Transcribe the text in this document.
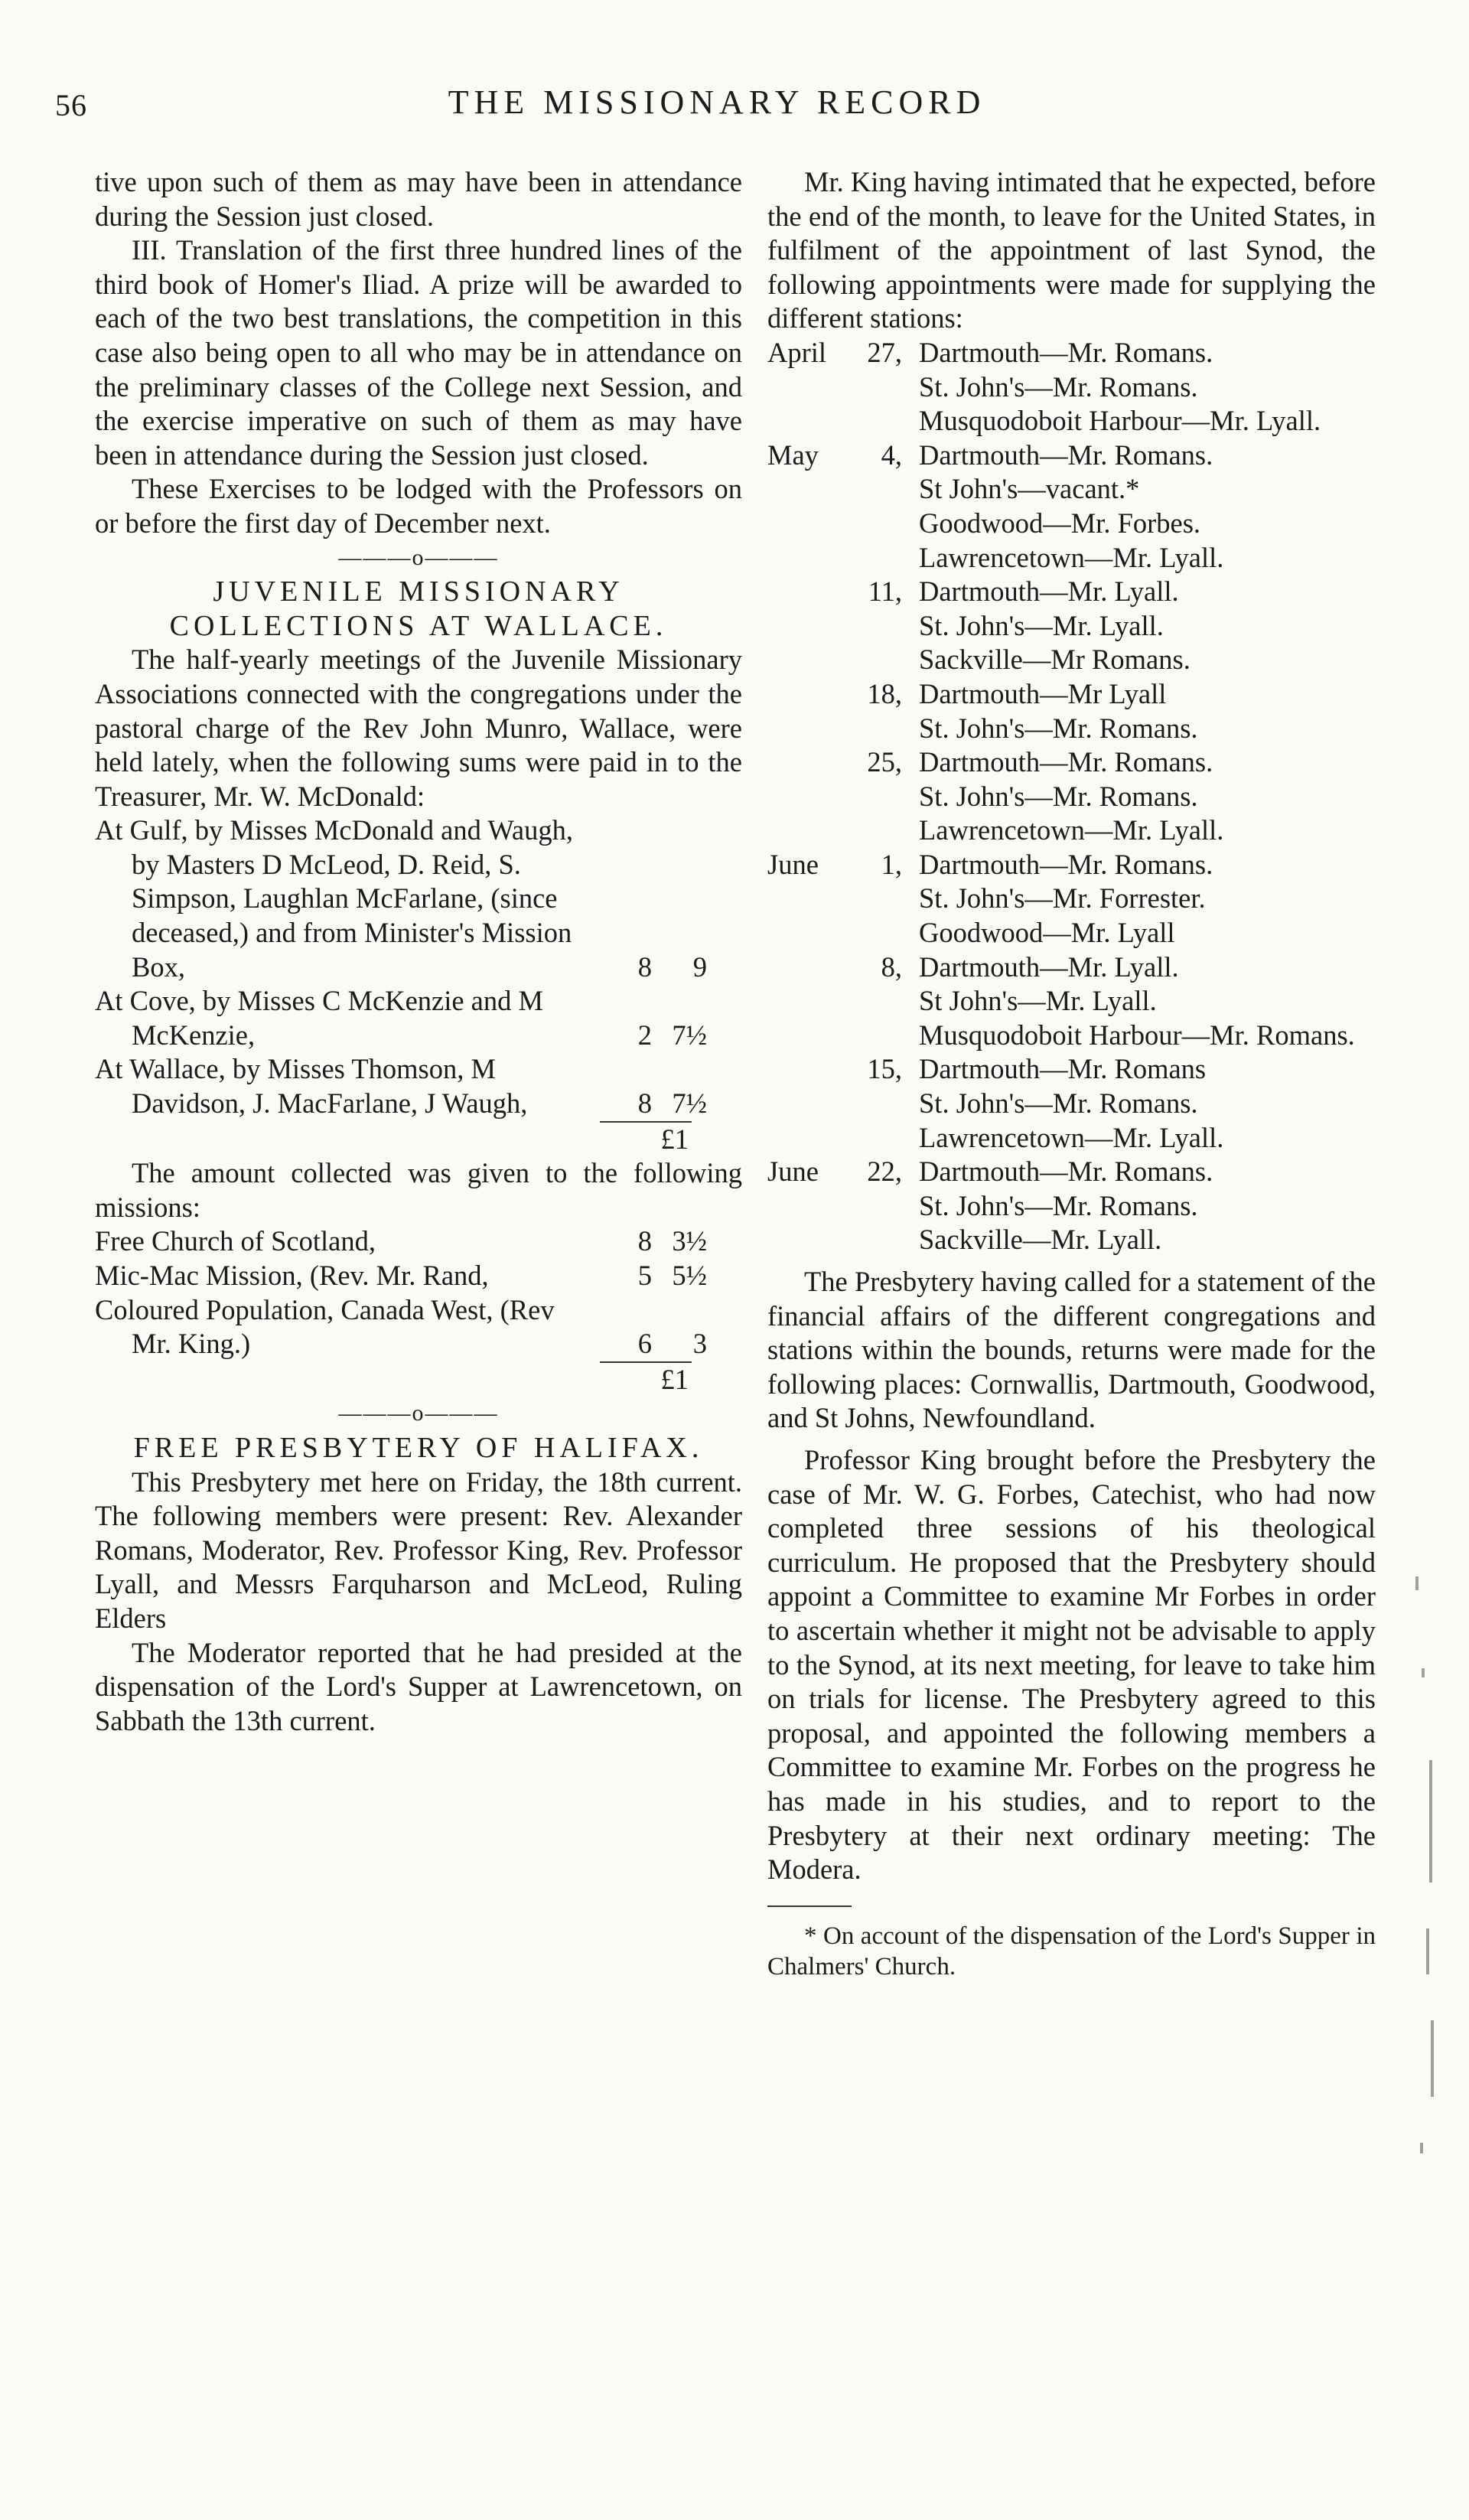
56	THE MISSIONARY RECORD

tive upon such of them as may have been in attendance during the Session just closed.

III. Translation of the first three hundred lines of the third book of Homer's Iliad. A prize will be awarded to each of the two best translations, the competition in this case also being open to all who may be in attendance on the preliminary classes of the College next Session, and the exercise imperative on such of them as may have been in attendance during the Session just closed.

These Exercises to be lodged with the Professors on or before the first day of December next.

———o———
JUVENILE MISSIONARY COLLECTIONS AT WALLACE.

The half-yearly meetings of the Juvenile Missionary Associations connected with the congregations under the pastoral charge of the Rev John Munro, Wallace, were held lately, when the following sums were paid in to the Treasurer, Mr. W. McDonald:

At Gulf, by Misses McDonald and Waugh, by Masters D McLeod, D. Reid, S. Simpson, Laughlan McFarlane, (since deceased,) and from Minister's Mission Box,	8	9
At Cove, by Misses C McKenzie and M McKenzie,	2 7½
At Wallace, by Misses Thomson, M Davidson, J. MacFarlane, J Waugh,	8 7½
£1

The amount collected was given to the following missions:

Free Church of Scotland,	8 3½
Mic-Mac Mission, (Rev. Mr. Rand,	5 5½
Coloured Population, Canada West, (Rev Mr. King.)	6	3
£1
———o———
FREE PRESBYTERY OF HALIFAX.

This Presbytery met here on Friday, the 18th current. The following members were present: Rev. Alexander Romans, Moderator, Rev. Professor King, Rev. Professor Lyall, and Messrs Farquharson and McLeod, Ruling Elders

The Moderator reported that he had presided at the dispensation of the Lord's Supper at Lawrencetown, on Sabbath the 13th current.

Mr. King having intimated that he expected, before the end of the month, to leave for the United States, in fulfilment of the appointment of last Synod, the following appointments were made for supplying the different stations:

April 27, Dartmouth—Mr. Romans.
St. John's—Mr. Romans.
Musquodoboit Harbour—Mr. Lyall.
May 4, Dartmouth—Mr. Romans.
St John's—vacant.*
Goodwood—Mr. Forbes.
Lawrencetown—Mr. Lyall.
11, Dartmouth—Mr. Lyall.
St. John's—Mr. Lyall.
Sackville—Mr Romans.
18, Dartmouth—Mr Lyall
St. John's—Mr. Romans.
25, Dartmouth—Mr. Romans.
St. John's—Mr. Romans.
Lawrencetown—Mr. Lyall.
June 1, Dartmouth—Mr. Romans.
St. John's—Mr. Forrester.
Goodwood—Mr. Lyall
8, Dartmouth—Mr. Lyall.
St John's—Mr. Lyall.
Musquodoboit Harbour—Mr. Romans.
15, Dartmouth—Mr. Romans
St. John's—Mr. Romans.
Lawrencetown—Mr. Lyall.
June 22, Dartmouth—Mr. Romans.
St. John's—Mr. Romans.
Sackville—Mr. Lyall.

The Presbytery having called for a statement of the financial affairs of the different congregations and stations within the bounds, returns were made for the following places: Cornwallis, Dartmouth, Goodwood, and St Johns, Newfoundland.

Professor King brought before the Presbytery the case of Mr. W. G. Forbes, Catechist, who had now completed three sessions of his theological curriculum. He proposed that the Presbytery should appoint a Committee to examine Mr Forbes in order to ascertain whether it might not be advisable to apply to the Synod, at its next meeting, for leave to take him on trials for license. The Presbytery agreed to this proposal, and appointed the following members a Committee to examine Mr. Forbes on the progress he has made in his studies, and to report to the Presbytery at their next ordinary meeting: The Modera.

* On account of the dispensation of the Lord's Supper in Chalmers' Church.
